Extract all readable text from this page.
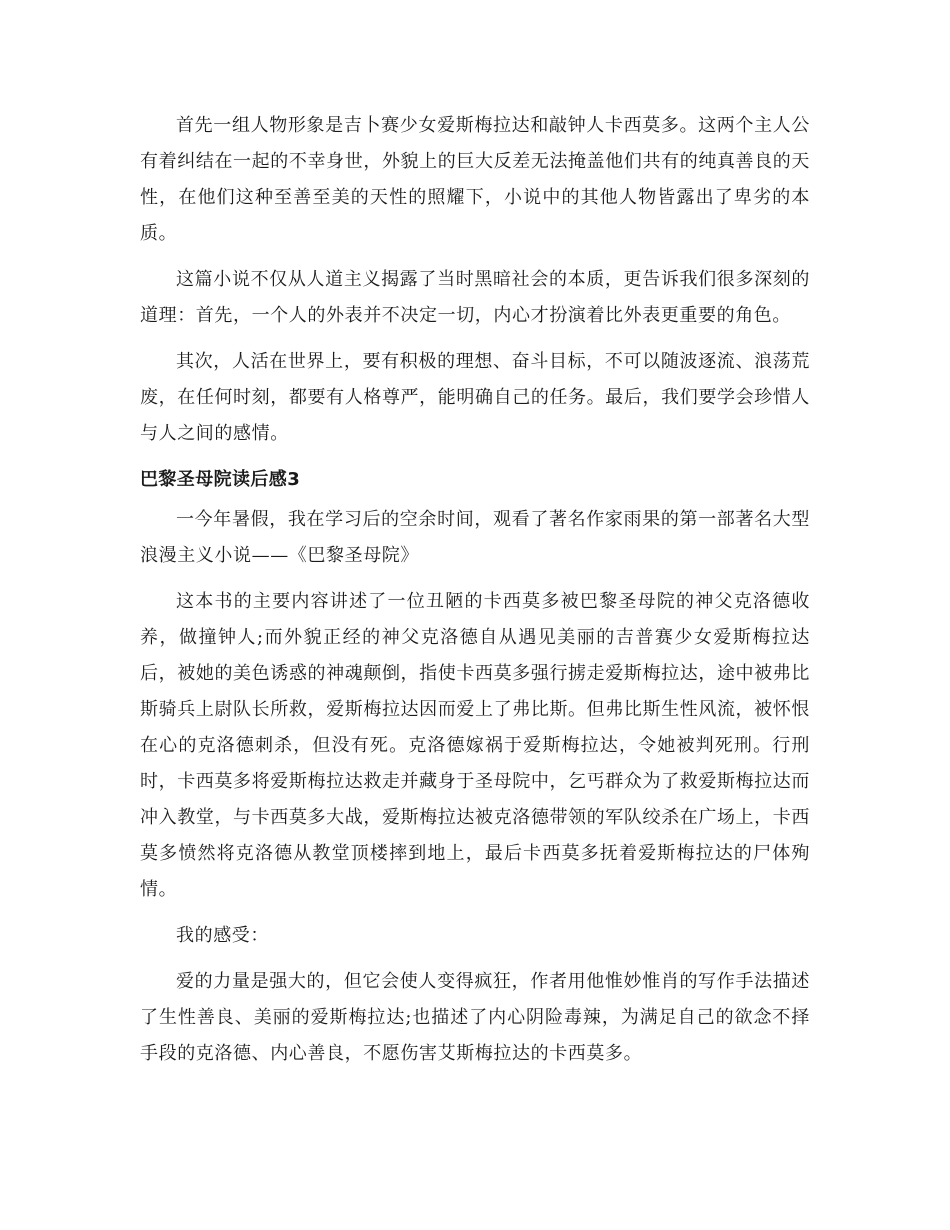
首先一组人物形象是吉卜赛少女爱斯梅拉达和敲钟人卡西莫多。这两个主人公有着纠结在一起的不幸身世，外貌上的巨大反差无法掩盖他们共有的纯真善良的天性，在他们这种至善至美的天性的照耀下，小说中的其他人物皆露出了卑劣的本质。

这篇小说不仅从人道主义揭露了当时黑暗社会的本质，更告诉我们很多深刻的道理：首先，一个人的外表并不决定一切，内心才扮演着比外表更重要的角色。

其次，人活在世界上，要有积极的理想、奋斗目标，不可以随波逐流、浪荡荒废，在任何时刻，都要有人格尊严，能明确自己的任务。最后，我们要学会珍惜人与人之间的感情。

巴黎圣母院读后感3

一今年暑假，我在学习后的空余时间，观看了著名作家雨果的第一部著名大型浪漫主义小说——《巴黎圣母院》

这本书的主要内容讲述了一位丑陋的卡西莫多被巴黎圣母院的神父克洛德收养，做撞钟人;而外貌正经的神父克洛德自从遇见美丽的吉普赛少女爱斯梅拉达后，被她的美色诱惑的神魂颠倒，指使卡西莫多强行掳走爱斯梅拉达，途中被弗比斯骑兵上尉队长所救，爱斯梅拉达因而爱上了弗比斯。但弗比斯生性风流，被怀恨在心的克洛德刺杀，但没有死。克洛德嫁祸于爱斯梅拉达，令她被判死刑。行刑时，卡西莫多将爱斯梅拉达救走并藏身于圣母院中，乞丐群众为了救爱斯梅拉达而冲入教堂，与卡西莫多大战，爱斯梅拉达被克洛德带领的军队绞杀在广场上，卡西莫多愤然将克洛德从教堂顶楼摔到地上，最后卡西莫多抚着爱斯梅拉达的尸体殉情。

我的感受：

爱的力量是强大的，但它会使人变得疯狂，作者用他惟妙惟肖的写作手法描述了生性善良、美丽的爱斯梅拉达;也描述了内心阴险毒辣，为满足自己的欲念不择手段的克洛德、内心善良，不愿伤害艾斯梅拉达的卡西莫多。
